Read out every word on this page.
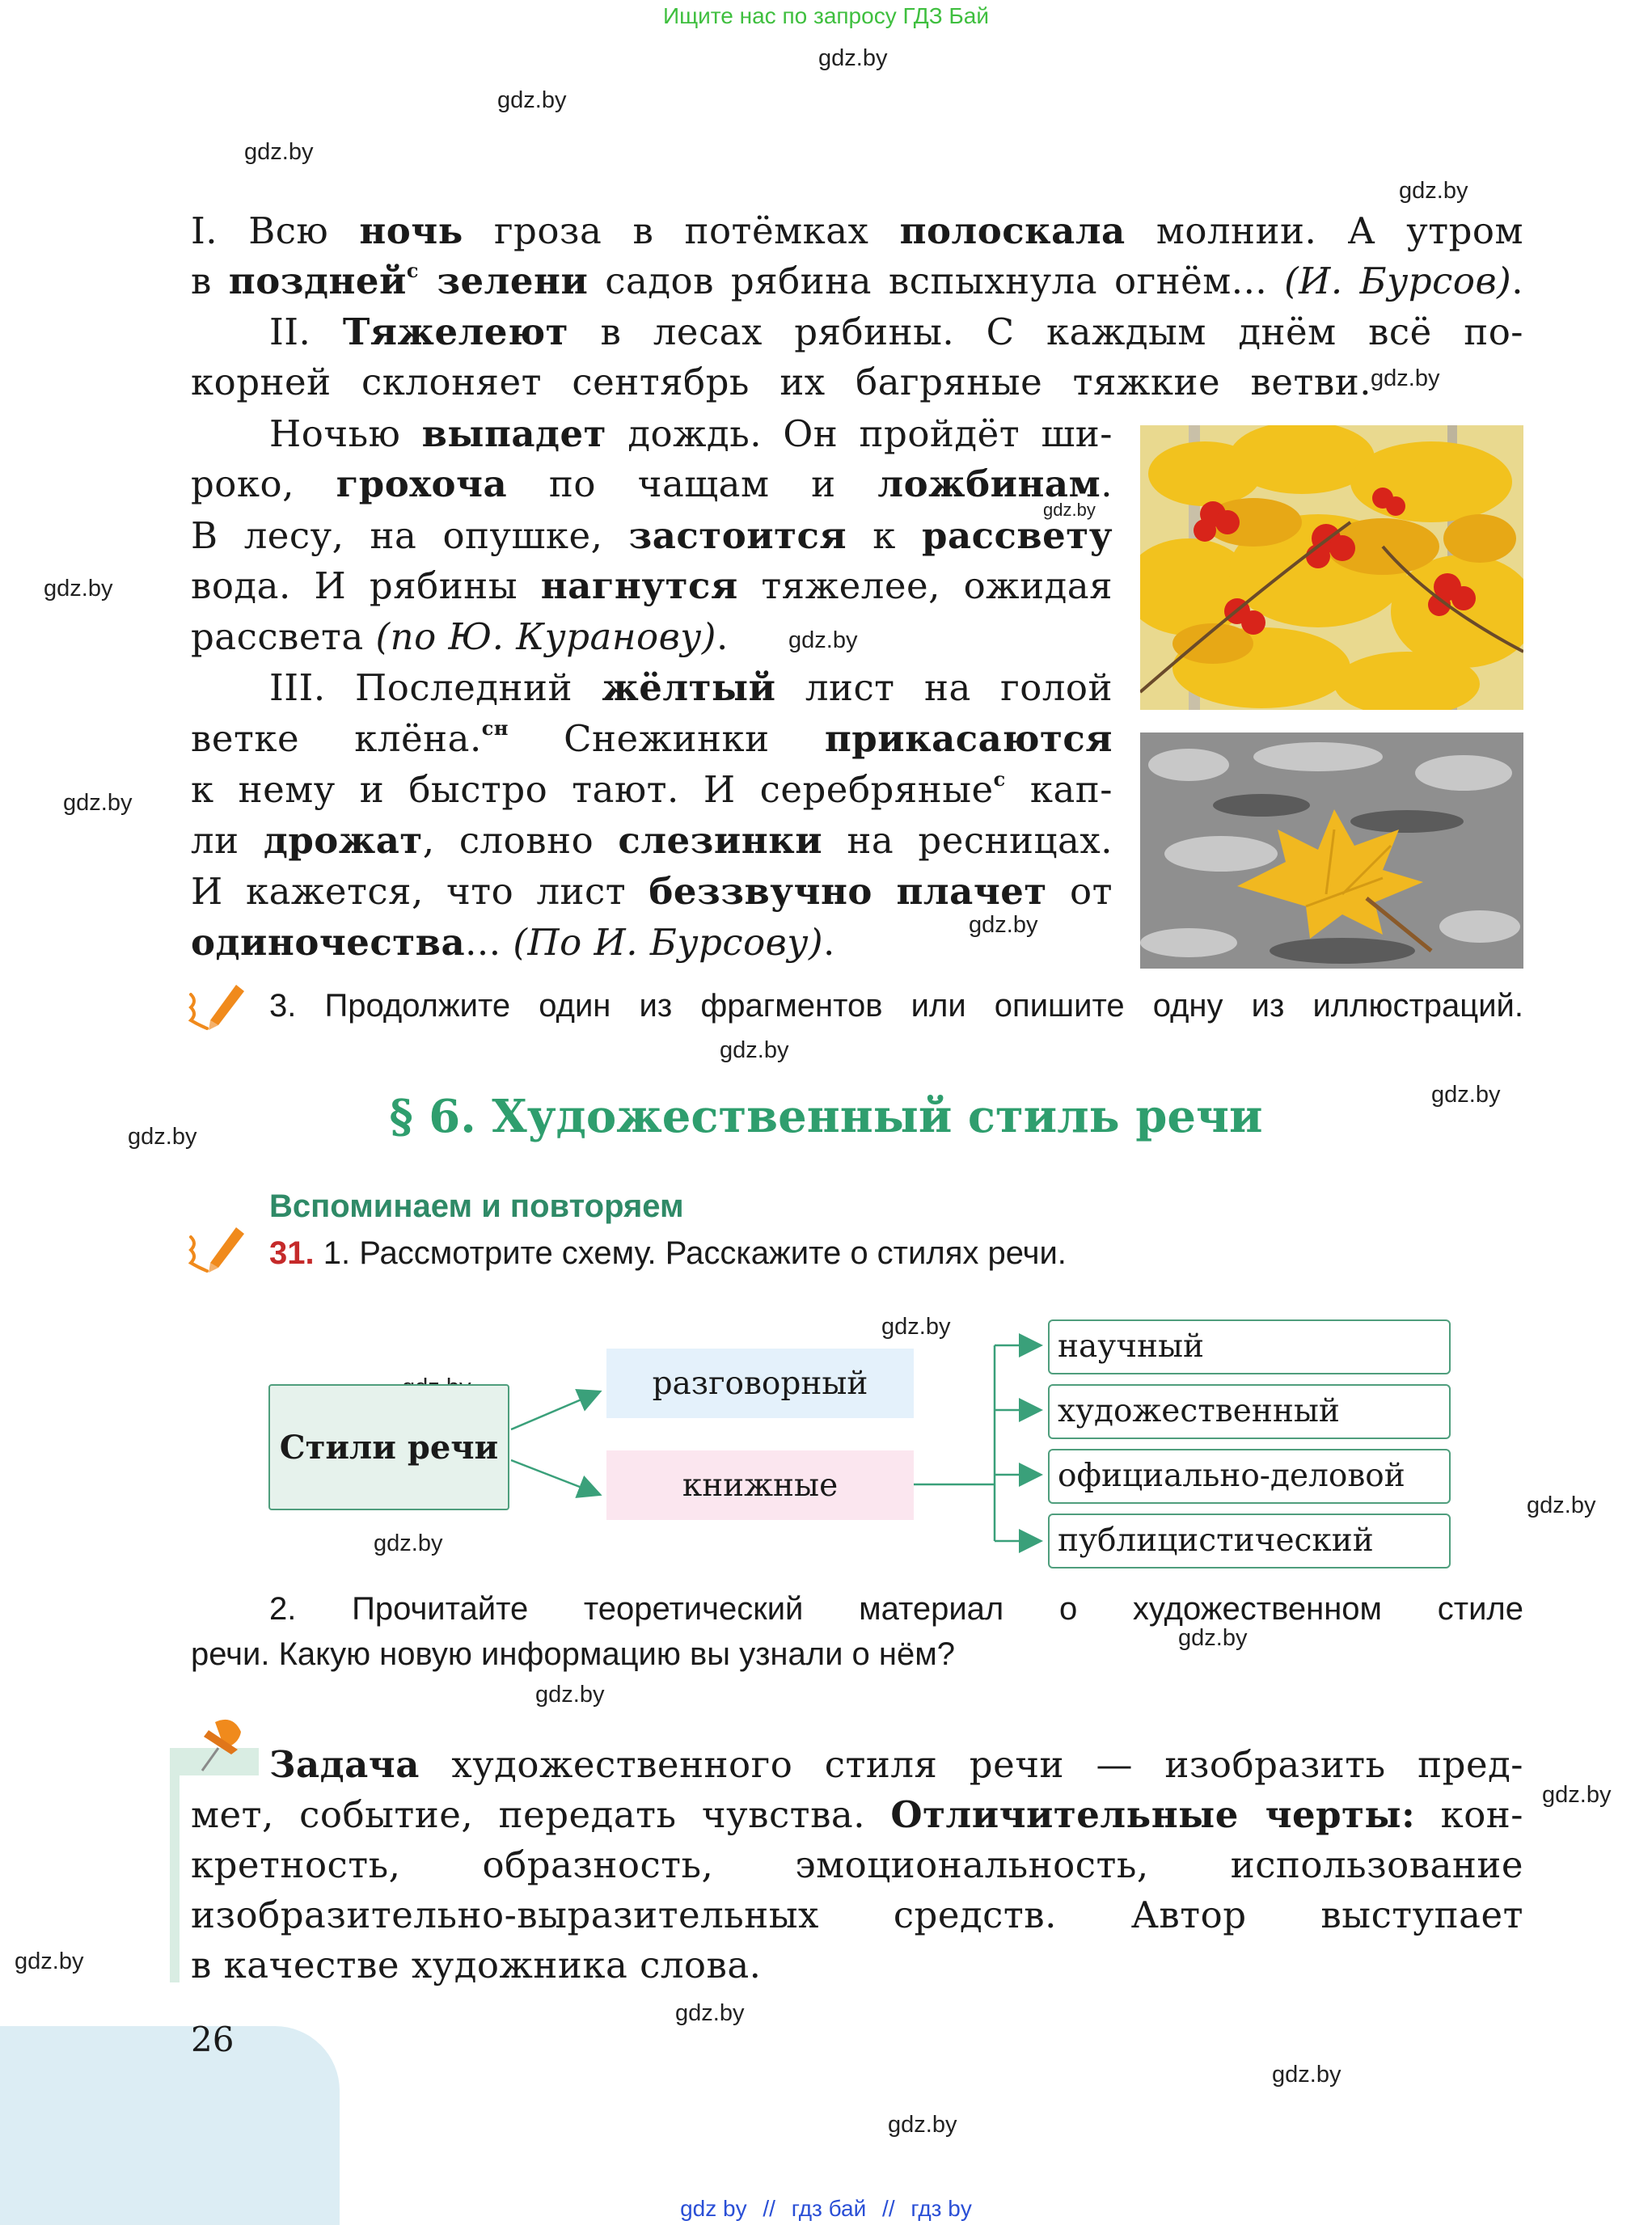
Ищите нас по запросу ГДЗ Бай
gdz.by
gdz.by
gdz.by
gdz.by
gdz.by
gdz.by
gdz.by
gdz.by
gdz.by
gdz.by
gdz.by
gdz.by
gdz.by
gdz.by
gdz.by
gdz.by
gdz.by
gdz.by
gdz.by
gdz.by
gdz.by
gdz.by
gdz.by
I. Всю ночь гроза в потёмках полоскала молнии. А утром
в поздней$^с$ зелени садов рябина вспыхнула огнём... (И. Бурсов).
II. Тяжелеют в лесах рябины. С каждым днём всё по-
корней склоняет сентябрь их багряные тяжкие ветви.
Ночью выпадет дождь. Он пройдёт ши-
роко, грохоча по чащам и ложбинам.
В лесу, на опушке, застоится к рассвету
вода. И рябины нагнутся тяжелее, ожидая
рассвета (по Ю. Куранову).
III. Последний жёлтый лист на голой
ветке клёна.$^{сн}$ Снежинки прикасаются
к нему и быстро тают. И серебряные$^с$ кап-
ли дрожат, словно слезинки на ресницах.
И кажется, что лист беззвучно плачет от
одиночества... (По И. Бурсову).
3. Продолжите один из фрагментов или опишите одну из иллюстраций.
§ 6. Художественный стиль речи
Вспоминаем и повторяем
31. 1. Рассмотрите схему. Расскажите о стилях речи.
Стили речи
разговорный
книжные
научный
художественный
официально-деловой
публицистический
2. Прочитайте теоретический материал о художественном стиле
речи. Какую новую информацию вы узнали о нём?
Задача художественного стиля речи — изобразить пред-
мет, событие, передать чувства. Отличительные черты: кон-
кретность, образность, эмоциональность, использование
изобразительно-выразительных средств. Автор выступает
в качестве художника слова.
26
gdz by // гдз бай // гдз by
